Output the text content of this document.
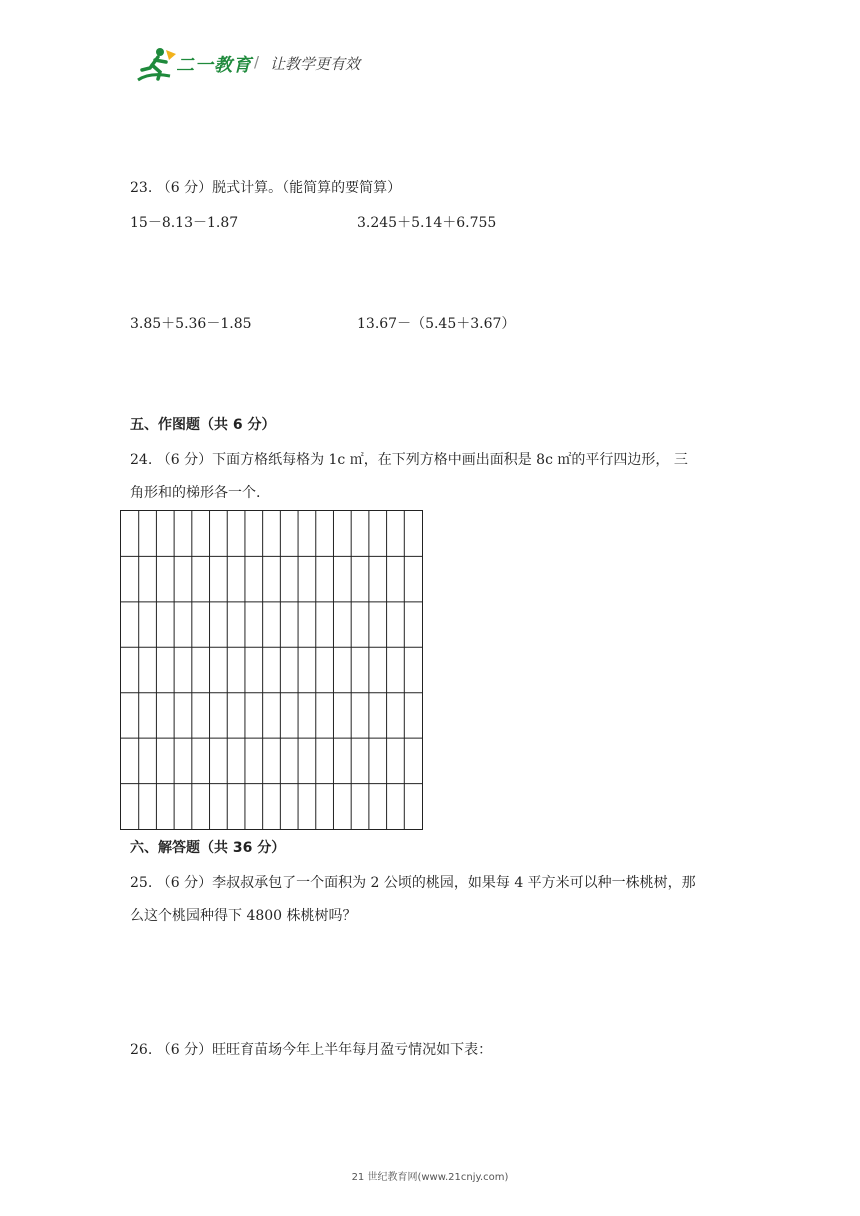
二一教育 / 让教学更有效
23. （6 分）脱式计算。（能简算的要简算）
15－8.13－1.87	3.245＋5.14＋6.755
3.85＋5.36－1.85	13.67－（5.45＋3.67）
五、作图题（共 6 分）
24. （6 分）下面方格纸每格为 1c ㎡，在下列方格中画出面积是 8c ㎡的平行四边形， 三
角形和的梯形各一个.
六、解答题（共 36 分）
25. （6 分）李叔叔承包了一个面积为 2 公顷的桃园，如果每 4 平方米可以种一株桃树，那
么这个桃园种得下 4800 株桃树吗？
26. （6 分）旺旺育苗场今年上半年每月盈亏情况如下表：
21 世纪教育网(www.21cnjy.com)
